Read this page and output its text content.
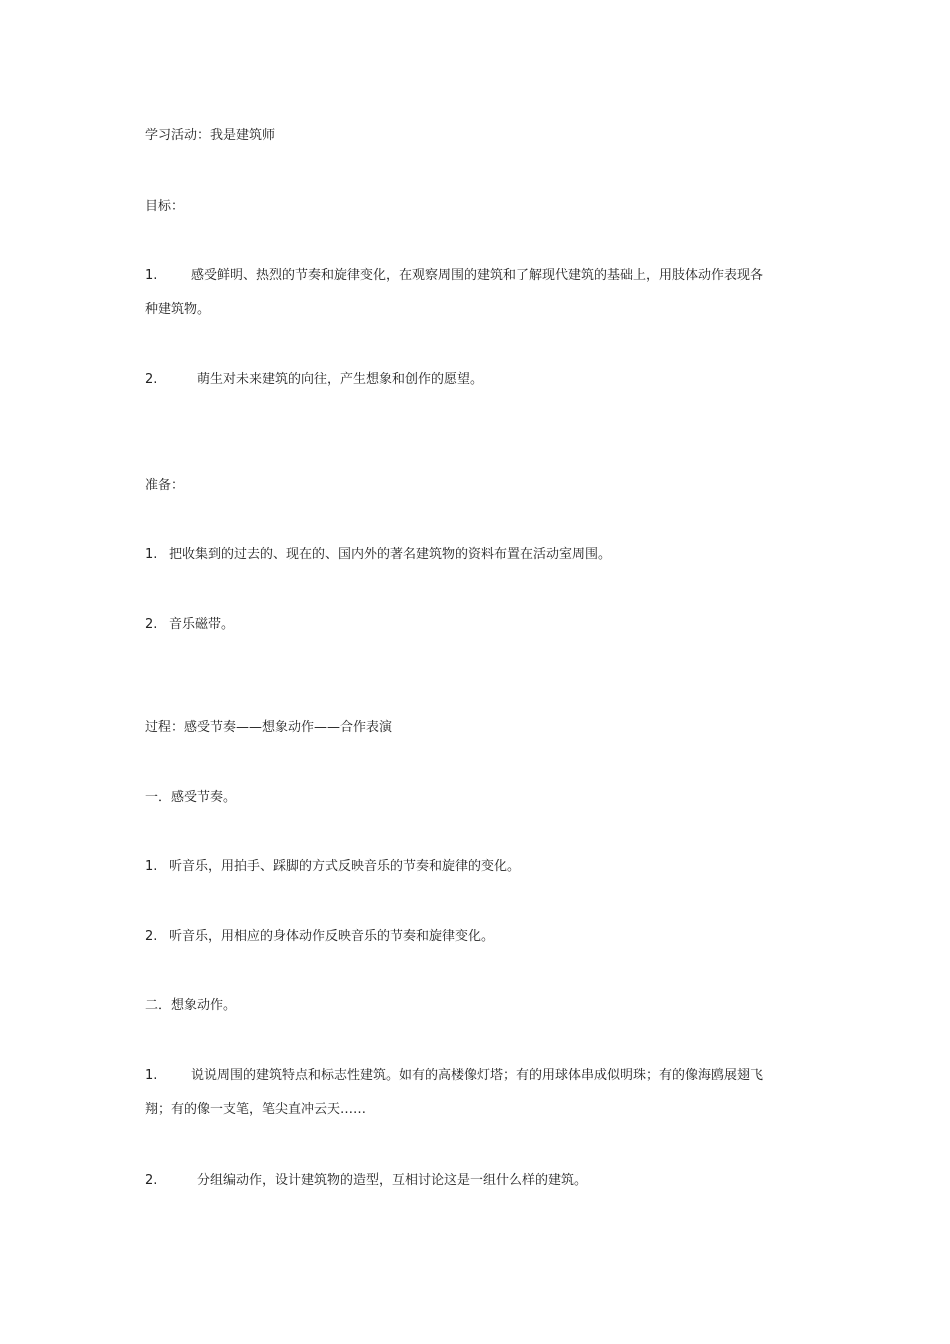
学习活动：我是建筑师
目标：
1.	感受鲜明、热烈的节奏和旋律变化，在观察周围的建筑和了解现代建筑的基础上，用肢体动作表现各
种建筑物。
2.	萌生对未来建筑的向往，产生想象和创作的愿望。
准备：
1. 把收集到的过去的、现在的、国内外的著名建筑物的资料布置在活动室周围。
2. 音乐磁带。
过程：感受节奏——想象动作——合作表演
一．感受节奏。
1. 听音乐，用拍手、踩脚的方式反映音乐的节奏和旋律的变化。
2. 听音乐，用相应的身体动作反映音乐的节奏和旋律变化。
二．想象动作。
1.	说说周围的建筑特点和标志性建筑。如有的高楼像灯塔；有的用球体串成似明珠；有的像海鸥展翅飞
翔；有的像一支笔，笔尖直冲云天……
2.	分组编动作，设计建筑物的造型，互相讨论这是一组什么样的建筑。
